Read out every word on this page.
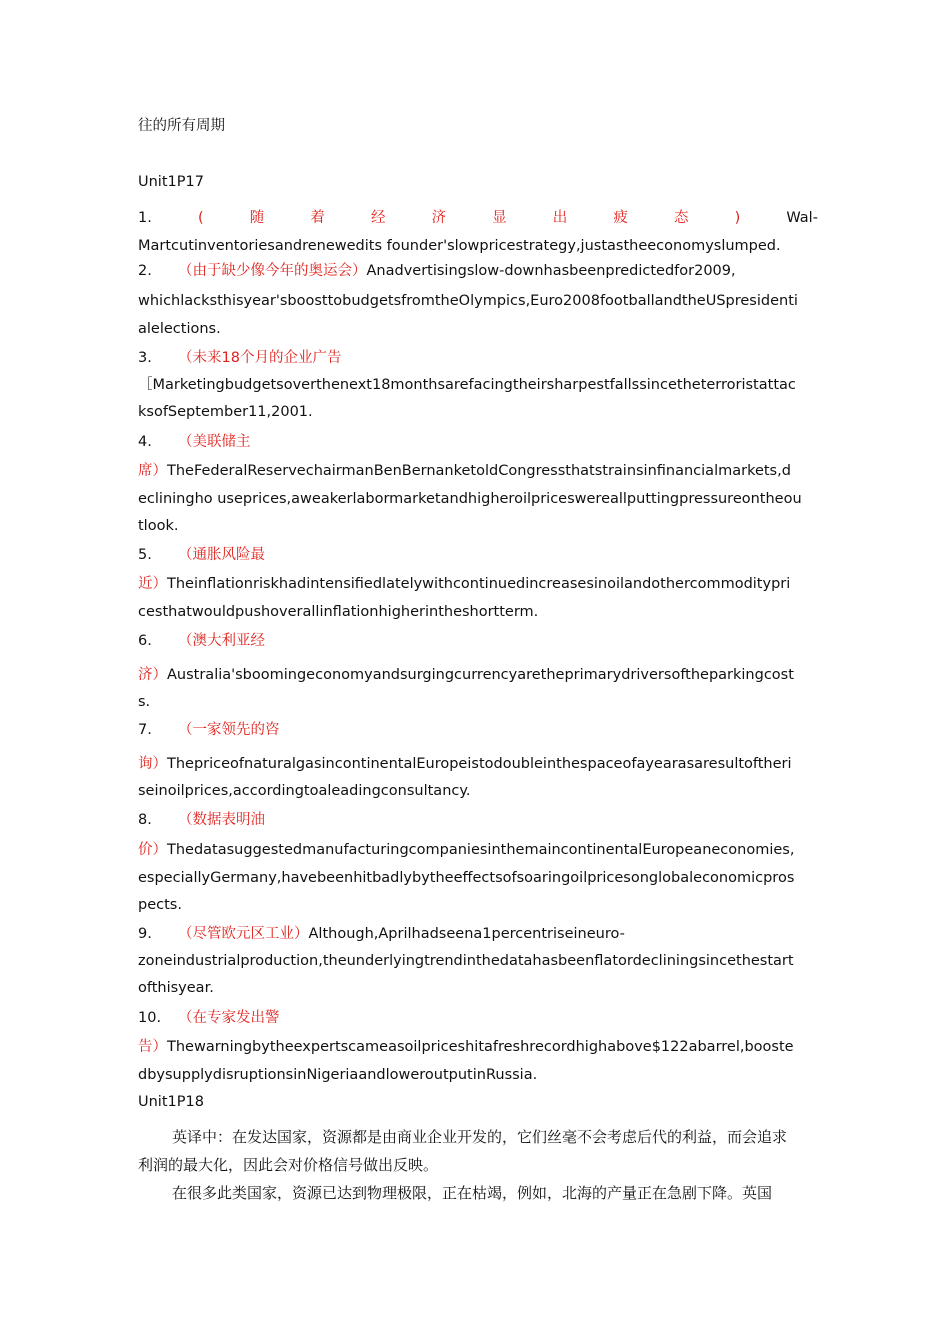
往的所有周期
Unit1P17
1.	(	随	着	经	济	显	出	疲	态	)	Wal-
Martcutinventoriesandrenewedits founder'slowpricestrategy,justastheeconomyslumped.
2. （由于缺少像今年的奥运会）Anadvertisingslow-downhasbeenpredictedfor2009,
whichlacksthisyear'sboosttobudgetsfromtheOlympics,Euro2008footballandtheUSpresidenti
alelections.
3. （未来18个月的企业广告
［Marketingbudgetsoverthenext18monthsarefacingtheirsharpestfallssincetheterroristattac
ksofSeptember11,2001.
4. （美联储主
席）TheFederalReservechairmanBenBernanketoldCongressthatstrainsinfinancialmarkets,d
ecliningho useprices,aweakerlabormarketandhigheroilpriceswereallputtingpressureontheou
tlook.
5. （通胀风险最
近）Theinflationriskhadintensifiedlatelywithcontinuedincreasesinoilandothercommoditypri
cesthatwouldpushoverallinflationhigherintheshortterm.
6. （澳大利亚经
济）Australia'sboomingeconomyandsurgingcurrencyaretheprimarydriversoftheparkingcost
s.
7. （一家领先的咨
询）ThepriceofnaturalgasincontinentalEuropeistodoubleinthespaceofayearasaresultoftheri
seinoilprices,accordingtoaleadingconsultancy.
8. （数据表明油
价）ThedatasuggestedmanufacturingcompaniesinthemaincontinentalEuropeaneconomies,
especiallyGermany,havebeenhitbadlybytheeffectsofsoaringoilpricesonglobaleconomicpros
pects.
9. （尽管欧元区工业）Although,Aprilhadseena1percentriseineuro-
zoneindustrialproduction,theunderlyingtrendinthedatahasbeenflatordecliningsincethestart
ofthisyear.
10. （在专家发出警
告）Thewarningbytheexpertscameasoilpriceshitafreshrecordhighabove$122abarrel,booste
dbysupplydisruptionsinNigeriaandloweroutputinRussia.
Unit1P18
英译中：在发达国家，资源都是由商业企业开发的，它们丝毫不会考虑后代的利益，而会追求
利润的最大化，因此会对价格信号做出反映。
在很多此类国家，资源已达到物理极限，正在枯竭，例如，北海的产量正在急剧下降。英国
